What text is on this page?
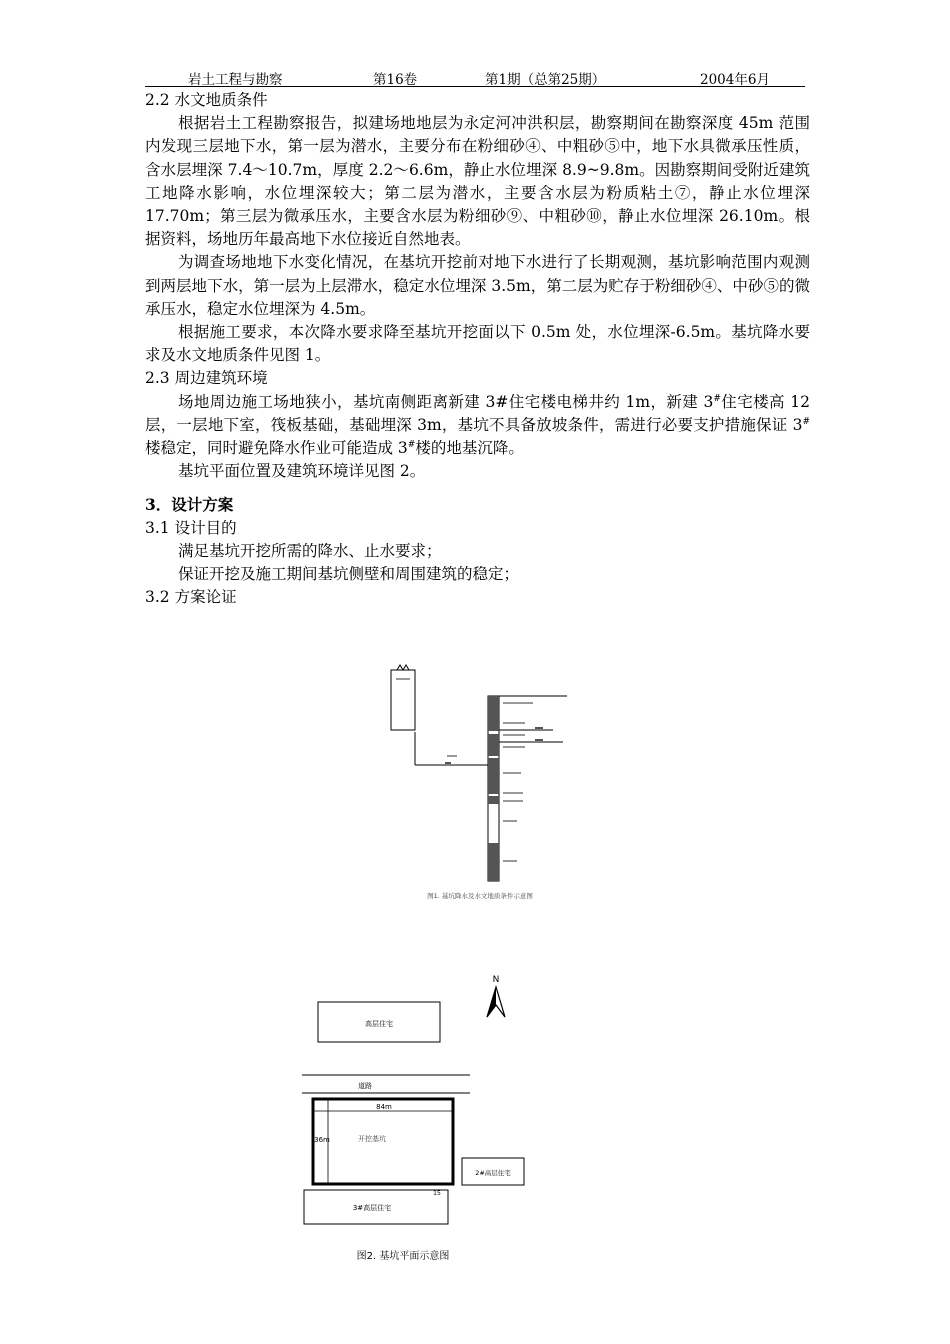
岩土工程与勘察	第16卷	第1期（总第25期）	2004年6月

2.2 水文地质条件

根据岩土工程勘察报告，拟建场地地层为永定河冲洪积层，勘察期间在勘察深度 45m 范围内发现三层地下水，第一层为潜水，主要分布在粉细砂④、中粗砂⑤中，地下水具微承压性质，含水层埋深 7.4～10.7m，厚度 2.2～6.6m，静止水位埋深 8.9~9.8m。因勘察期间受附近建筑工地降水影响，水位埋深较大；第二层为潜水，主要含水层为粉质粘土⑦，静止水位埋深 17.70m；第三层为微承压水，主要含水层为粉细砂⑨、中粗砂⑩，静止水位埋深 26.10m。根据资料，场地历年最高地下水位接近自然地表。

为调查场地地下水变化情况，在基坑开挖前对地下水进行了长期观测，基坑影响范围内观测到两层地下水，第一层为上层滞水，稳定水位埋深 3.5m，第二层为贮存于粉细砂④、中砂⑤的微承压水，稳定水位埋深为 4.5m。

根据施工要求，本次降水要求降至基坑开挖面以下 0.5m 处，水位埋深-6.5m。基坑降水要求及水文地质条件见图 1。

2.3 周边建筑环境

场地周边施工场地狭小，基坑南侧距离新建 3#住宅楼电梯井约 1m，新建 3#住宅楼高 12 层，一层地下室，筏板基础，基础埋深 3m，基坑不具备放坡条件，需进行必要支护措施保证 3#楼稳定，同时避免降水作业可能造成 3#楼的地基沉降。

基坑平面位置及建筑环境详见图 2。

3．设计方案

3.1 设计目的

满足基坑开挖所需的降水、止水要求；

保证开挖及施工期间基坑侧壁和周围建筑的稳定；

3.2 方案论证

图1. 基坑降水及水文地质条件示意图
N
高层住宅
道路
84m
36m	开挖基坑
2#高层住宅
3#高层住宅
15
图2. 基坑平面示意图
